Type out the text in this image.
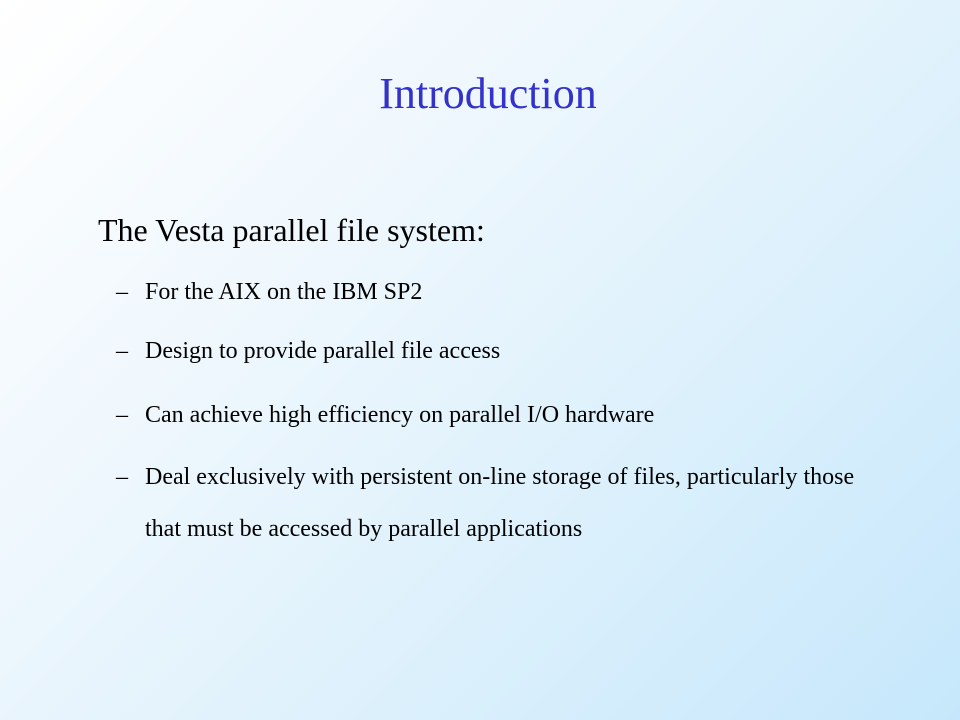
Introduction

The Vesta parallel file system:

– For the AIX on the IBM SP2
– Design to provide parallel file access
– Can achieve high efficiency on parallel I/O hardware
– Deal exclusively with persistent on-line storage of files, particularly those that must be accessed by parallel applications
